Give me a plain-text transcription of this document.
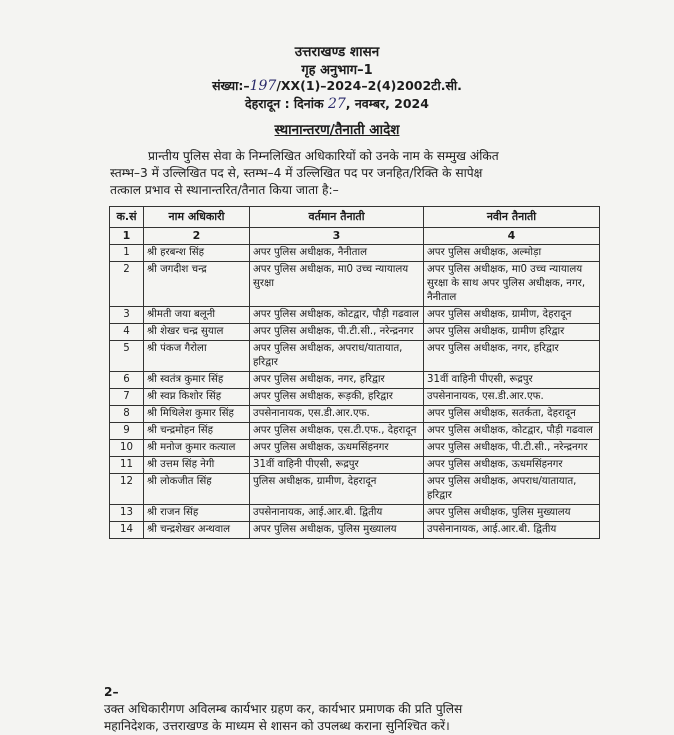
उत्तराखण्ड शासन
गृह अनुभाग–1
संख्या:–197/XX(1)–2024–2(4)2002टी.सी.
देहरादून : दिनांक 27, नवम्बर, 2024
स्थानान्तरण/तैनाती आदेश
प्रान्तीय पुलिस सेवा के निम्नलिखित अधिकारियों को उनके नाम के सम्मुख अंकित
स्तम्भ–3 में उल्लिखित पद से, स्तम्भ–4 में उल्लिखित पद पर जनहित/रिक्ति के सापेक्ष
तत्काल प्रभाव से स्थानान्तरित/तैनात किया जाता है:–
क.सं	नाम अधिकारी	वर्तमान तैनाती	नवीन तैनाती
1	2	3	4
1	श्री हरबन्श सिंह	अपर पुलिस अधीक्षक, नैनीताल	अपर पुलिस अधीक्षक, अल्मोड़ा
2	श्री जगदीश चन्द्र	अपर पुलिस अधीक्षक, मा0 उच्च न्यायालय सुरक्षा	अपर पुलिस अधीक्षक, मा0 उच्च न्यायालय सुरक्षा के साथ अपर पुलिस अधीक्षक, नगर, नैनीताल
3	श्रीमती जया बलूनी	अपर पुलिस अधीक्षक, कोटद्वार, पौड़ी गढवाल	अपर पुलिस अधीक्षक, ग्रामीण, देहरादून
4	श्री शेखर चन्द्र सुयाल	अपर पुलिस अधीक्षक, पी.टी.सी., नरेन्द्रनगर	अपर पुलिस अधीक्षक, ग्रामीण हरिद्वार
5	श्री पंकज गैरोला	अपर पुलिस अधीक्षक, अपराध/यातायात, हरिद्वार	अपर पुलिस अधीक्षक, नगर, हरिद्वार
6	श्री स्वतंत्र कुमार सिंह	अपर पुलिस अधीक्षक, नगर, हरिद्वार	31वीं वाहिनी पीएसी, रूद्रपुर
7	श्री स्वप्न किशोर सिंह	अपर पुलिस अधीक्षक, रूड़की, हरिद्वार	उपसेनानायक, एस.डी.आर.एफ.
8	श्री मिथिलेश कुमार सिंह	उपसेनानायक, एस.डी.आर.एफ.	अपर पुलिस अधीक्षक, सतर्कता, देहरादून
9	श्री चन्द्रमोहन सिंह	अपर पुलिस अधीक्षक, एस.टी.एफ., देहरादून	अपर पुलिस अधीक्षक, कोटद्वार, पौड़ी गढवाल
10	श्री मनोज कुमार कत्याल	अपर पुलिस अधीक्षक, ऊधमसिंहनगर	अपर पुलिस अधीक्षक, पी.टी.सी., नरेन्द्रनगर
11	श्री उत्तम सिंह नेगी	31वीं वाहिनी पीएसी, रूद्रपुर	अपर पुलिस अधीक्षक, ऊधमसिंहनगर
12	श्री लोकजीत सिंह	पुलिस अधीक्षक, ग्रामीण, देहरादून	अपर पुलिस अधीक्षक, अपराध/यातायात, हरिद्वार
13	श्री राजन सिंह	उपसेनानायक, आई.आर.बी. द्वितीय	अपर पुलिस अधीक्षक, पुलिस मुख्यालय
14	श्री चन्द्रशेखर अन्थवाल	अपर पुलिस अधीक्षक, पुलिस मुख्यालय	उपसेनानायक, आई.आर.बी. द्वितीय
2–
उक्त अधिकारीगण अविलम्ब कार्यभार ग्रहण कर, कार्यभार प्रमाणक की प्रति पुलिस
महानिदेशक, उत्तराखण्ड के माध्यम से शासन को उपलब्ध कराना सुनिश्चित करें।
